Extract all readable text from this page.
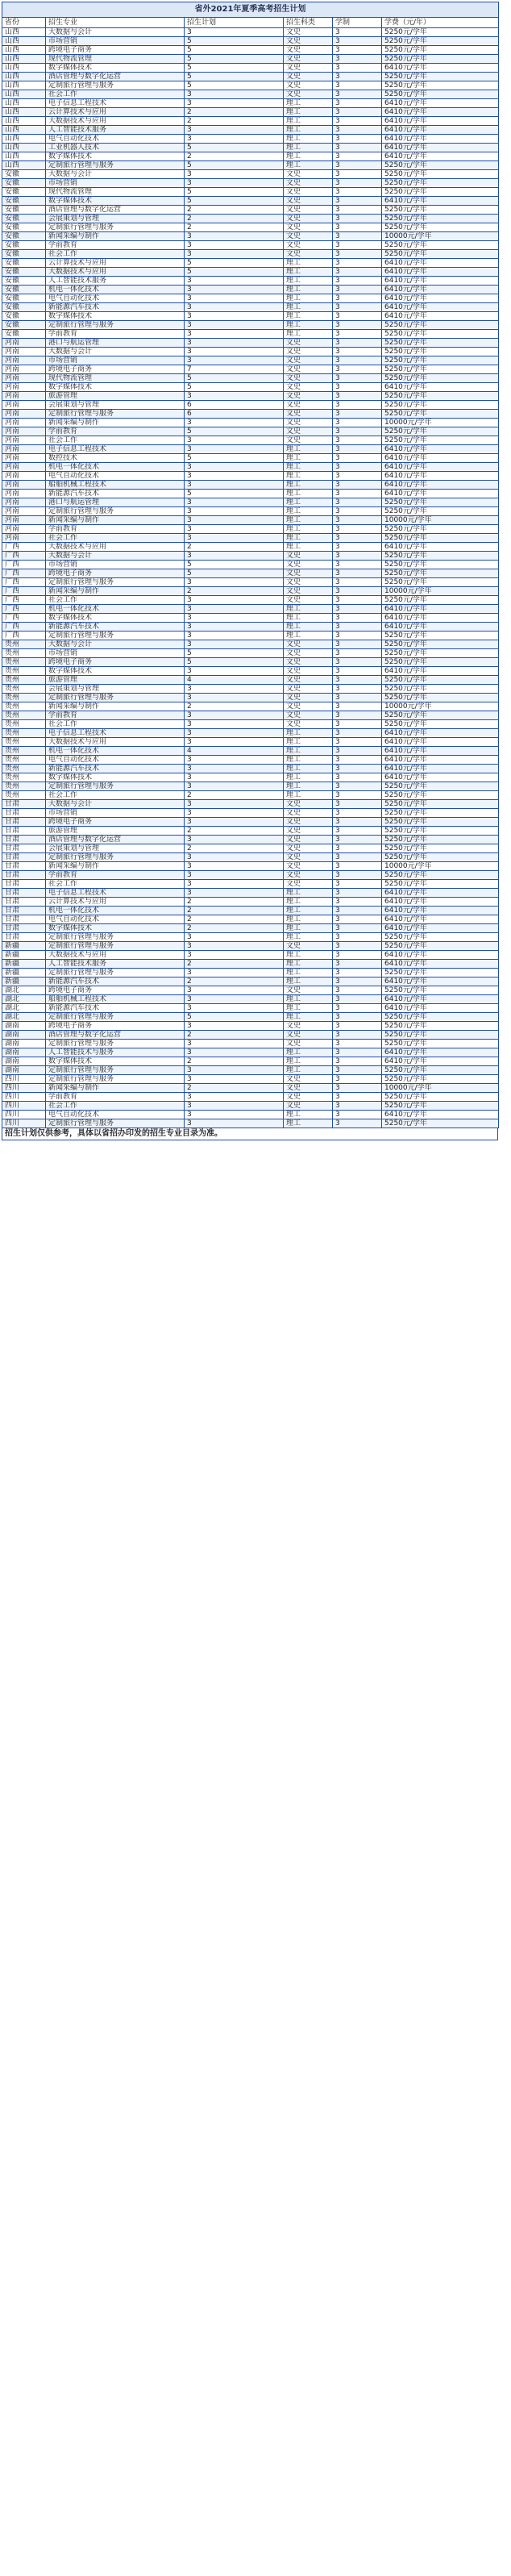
省外2021年夏季高考招生计划					
省份	招生专业	招生计划	招生科类	学制	学费（元/年）
山西	大数据与会计	3	文史	3	5250元/学年
山西	市场营销	5	文史	3	5250元/学年
山西	跨境电子商务	5	文史	3	5250元/学年
山西	现代物流管理	5	文史	3	5250元/学年
山西	数字媒体技术	5	文史	3	6410元/学年
山西	酒店管理与数字化运营	5	文史	3	5250元/学年
山西	定制旅行管理与服务	5	文史	3	5250元/学年
山西	社会工作	3	文史	3	5250元/学年
山西	电子信息工程技术	3	理工	3	6410元/学年
山西	云计算技术与应用	2	理工	3	6410元/学年
山西	大数据技术与应用	2	理工	3	6410元/学年
山西	人工智能技术服务	3	理工	3	6410元/学年
山西	电气自动化技术	3	理工	3	6410元/学年
山西	工业机器人技术	5	理工	3	6410元/学年
山西	数字媒体技术	2	理工	3	6410元/学年
山西	定制旅行管理与服务	5	理工	3	5250元/学年
安徽	大数据与会计	3	文史	3	5250元/学年
安徽	市场营销	3	文史	3	5250元/学年
安徽	现代物流管理	5	文史	3	5250元/学年
安徽	数字媒体技术	5	文史	3	6410元/学年
安徽	酒店管理与数字化运营	2	文史	3	5250元/学年
安徽	会展策划与管理	2	文史	3	5250元/学年
安徽	定制旅行管理与服务	2	文史	3	5250元/学年
安徽	新闻采编与制作	3	文史	3	10000元/学年
安徽	学前教育	3	文史	3	5250元/学年
安徽	社会工作	3	文史	3	5250元/学年
安徽	云计算技术与应用	5	理工	3	6410元/学年
安徽	大数据技术与应用	5	理工	3	6410元/学年
安徽	人工智能技术服务	3	理工	3	6410元/学年
安徽	机电一体化技术	3	理工	3	6410元/学年
安徽	电气自动化技术	3	理工	3	6410元/学年
安徽	新能源汽车技术	3	理工	3	6410元/学年
安徽	数字媒体技术	3	理工	3	6410元/学年
安徽	定制旅行管理与服务	3	理工	3	5250元/学年
安徽	学前教育	3	理工	3	5250元/学年
河南	港口与航运管理	3	文史	3	5250元/学年
河南	大数据与会计	3	文史	3	5250元/学年
河南	市场营销	3	文史	3	5250元/学年
河南	跨境电子商务	7	文史	3	5250元/学年
河南	现代物流管理	5	文史	3	5250元/学年
河南	数字媒体技术	5	文史	3	6410元/学年
河南	旅游管理	3	文史	3	5250元/学年
河南	会展策划与管理	6	文史	3	5250元/学年
河南	定制旅行管理与服务	6	文史	3	5250元/学年
河南	新闻采编与制作	3	文史	3	10000元/学年
河南	学前教育	5	文史	3	5250元/学年
河南	社会工作	3	文史	3	5250元/学年
河南	电子信息工程技术	3	理工	3	6410元/学年
河南	数控技术	5	理工	3	6410元/学年
河南	机电一体化技术	3	理工	3	6410元/学年
河南	电气自动化技术	3	理工	3	6410元/学年
河南	船舶机械工程技术	3	理工	3	6410元/学年
河南	新能源汽车技术	5	理工	3	6410元/学年
河南	港口与航运管理	3	理工	3	5250元/学年
河南	定制旅行管理与服务	3	理工	3	5250元/学年
河南	新闻采编与制作	3	理工	3	10000元/学年
河南	学前教育	3	理工	3	5250元/学年
河南	社会工作	3	理工	3	5250元/学年
广西	大数据技术与应用	2	理工	3	6410元/学年
广西	大数据与会计	3	文史	3	5250元/学年
广西	市场营销	5	文史	3	5250元/学年
广西	跨境电子商务	5	文史	3	5250元/学年
广西	定制旅行管理与服务	3	文史	3	5250元/学年
广西	新闻采编与制作	2	文史	3	10000元/学年
广西	社会工作	3	文史	3	5250元/学年
广西	机电一体化技术	3	理工	3	6410元/学年
广西	数字媒体技术	3	理工	3	6410元/学年
广西	新能源汽车技术	3	理工	3	6410元/学年
广西	定制旅行管理与服务	3	理工	3	5250元/学年
贵州	大数据与会计	3	文史	3	5250元/学年
贵州	市场营销	5	文史	3	5250元/学年
贵州	跨境电子商务	5	文史	3	5250元/学年
贵州	数字媒体技术	3	文史	3	6410元/学年
贵州	旅游管理	4	文史	3	5250元/学年
贵州	会展策划与管理	3	文史	3	5250元/学年
贵州	定制旅行管理与服务	3	文史	3	5250元/学年
贵州	新闻采编与制作	2	文史	3	10000元/学年
贵州	学前教育	3	文史	3	5250元/学年
贵州	社会工作	3	文史	3	5250元/学年
贵州	电子信息工程技术	3	理工	3	6410元/学年
贵州	大数据技术与应用	3	理工	3	6410元/学年
贵州	机电一体化技术	4	理工	3	6410元/学年
贵州	电气自动化技术	3	理工	3	6410元/学年
贵州	新能源汽车技术	3	理工	3	6410元/学年
贵州	数字媒体技术	3	理工	3	6410元/学年
贵州	定制旅行管理与服务	3	理工	3	5250元/学年
贵州	社会工作	2	理工	3	5250元/学年
甘肃	大数据与会计	3	文史	3	5250元/学年
甘肃	市场营销	3	文史	3	5250元/学年
甘肃	跨境电子商务	3	文史	3	5250元/学年
甘肃	旅游管理	2	文史	3	5250元/学年
甘肃	酒店管理与数字化运营	3	文史	3	5250元/学年
甘肃	会展策划与管理	2	文史	3	5250元/学年
甘肃	定制旅行管理与服务	3	文史	3	5250元/学年
甘肃	新闻采编与制作	3	文史	3	10000元/学年
甘肃	学前教育	3	文史	3	5250元/学年
甘肃	社会工作	3	文史	3	5250元/学年
甘肃	电子信息工程技术	3	理工	3	6410元/学年
甘肃	云计算技术与应用	2	理工	3	6410元/学年
甘肃	机电一体化技术	2	理工	3	6410元/学年
甘肃	电气自动化技术	2	理工	3	6410元/学年
甘肃	数字媒体技术	2	理工	3	6410元/学年
甘肃	定制旅行管理与服务	3	理工	3	5250元/学年
新疆	定制旅行管理与服务	3	文史	3	5250元/学年
新疆	大数据技术与应用	3	理工	3	6410元/学年
新疆	人工智能技术服务	2	理工	3	6410元/学年
新疆	定制旅行管理与服务	3	理工	3	5250元/学年
新疆	新能源汽车技术	2	理工	3	6410元/学年
湖北	跨境电子商务	3	文史	3	5250元/学年
湖北	船舶机械工程技术	3	理工	3	6410元/学年
湖北	新能源汽车技术	3	理工	3	6410元/学年
湖北	定制旅行管理与服务	5	理工	3	5250元/学年
湖南	跨境电子商务	3	文史	3	5250元/学年
湖南	酒店管理与数字化运营	2	文史	3	5250元/学年
湖南	定制旅行管理与服务	3	文史	3	5250元/学年
湖南	人工智能技术与服务	3	理工	3	6410元/学年
湖南	数字媒体技术	2	理工	3	6410元/学年
湖南	定制旅行管理与服务	3	理工	3	5250元/学年
四川	定制旅行管理与服务	3	文史	3	5250元/学年
四川	新闻采编与制作	2	文史	3	10000元/学年
四川	学前教育	3	文史	3	5250元/学年
四川	社会工作	3	文史	3	5250元/学年
四川	电气自动化技术	3	理工	3	6410元/学年
四川	定制旅行管理与服务	3	理工	3	5250元/学年
招生计划仅供参考，具体以省招办印发的招生专业目录为准。
